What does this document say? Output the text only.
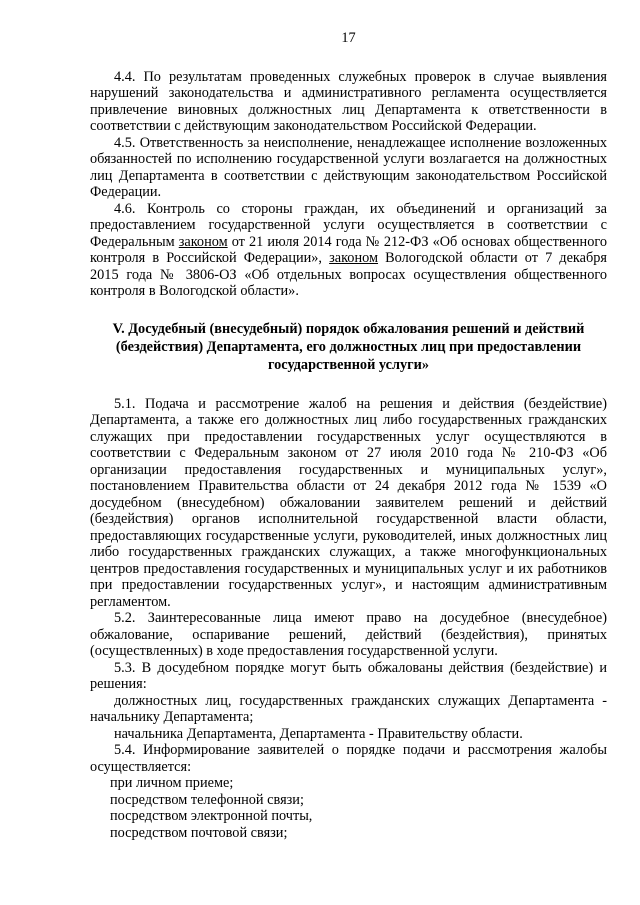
17

4.4. По результатам проведенных служебных проверок в случае выявления нарушений законодательства и административного регламента осуществляется привлечение виновных должностных лиц Департамента к ответственности в соответствии с действующим законодательством Российской Федерации.

4.5. Ответственность за неисполнение, ненадлежащее исполнение возложенных обязанностей по исполнению государственной услуги возлагается на должностных лиц Департамента в соответствии с действующим законодательством Российской Федерации.

4.6. Контроль со стороны граждан, их объединений и организаций за предоставлением государственной услуги осуществляется в соответствии с Федеральным законом от 21 июля 2014 года № 212-ФЗ «Об основах общественного контроля в Российской Федерации», законом Вологодской области от 7 декабря 2015 года № 3806-ОЗ «Об отдельных вопросах осуществления общественного контроля в Вологодской области».

V. Досудебный (внесудебный) порядок обжалования решений и действий (бездействия) Департамента, его должностных лиц при предоставлении государственной услуги»

5.1. Подача и рассмотрение жалоб на решения и действия (бездействие) Департамента, а также его должностных лиц либо государственных гражданских служащих при предоставлении государственных услуг осуществляются в соответствии с Федеральным законом от 27 июля 2010 года № 210-ФЗ «Об организации предоставления государственных и муниципальных услуг», постановлением Правительства области от 24 декабря 2012 года № 1539 «О досудебном (внесудебном) обжаловании заявителем решений и действий (бездействия) органов исполнительной государственной власти области, предоставляющих государственные услуги, руководителей, иных должностных лиц либо государственных гражданских служащих, а также многофункциональных центров предоставления государственных и муниципальных услуг и их работников при предоставлении государственных услуг», и настоящим административным регламентом.

5.2. Заинтересованные лица имеют право на досудебное (внесудебное) обжалование, оспаривание решений, действий (бездействия), принятых (осуществленных) в ходе предоставления государственной услуги.

5.3. В досудебном порядке могут быть обжалованы действия (бездействие) и решения:

должностных лиц, государственных гражданских служащих Департамента - начальнику Департамента;

начальника Департамента, Департамента - Правительству области.

5.4. Информирование заявителей о порядке подачи и рассмотрения жалобы осуществляется:

при личном приеме;

посредством телефонной связи;

посредством электронной почты,

посредством почтовой связи;
